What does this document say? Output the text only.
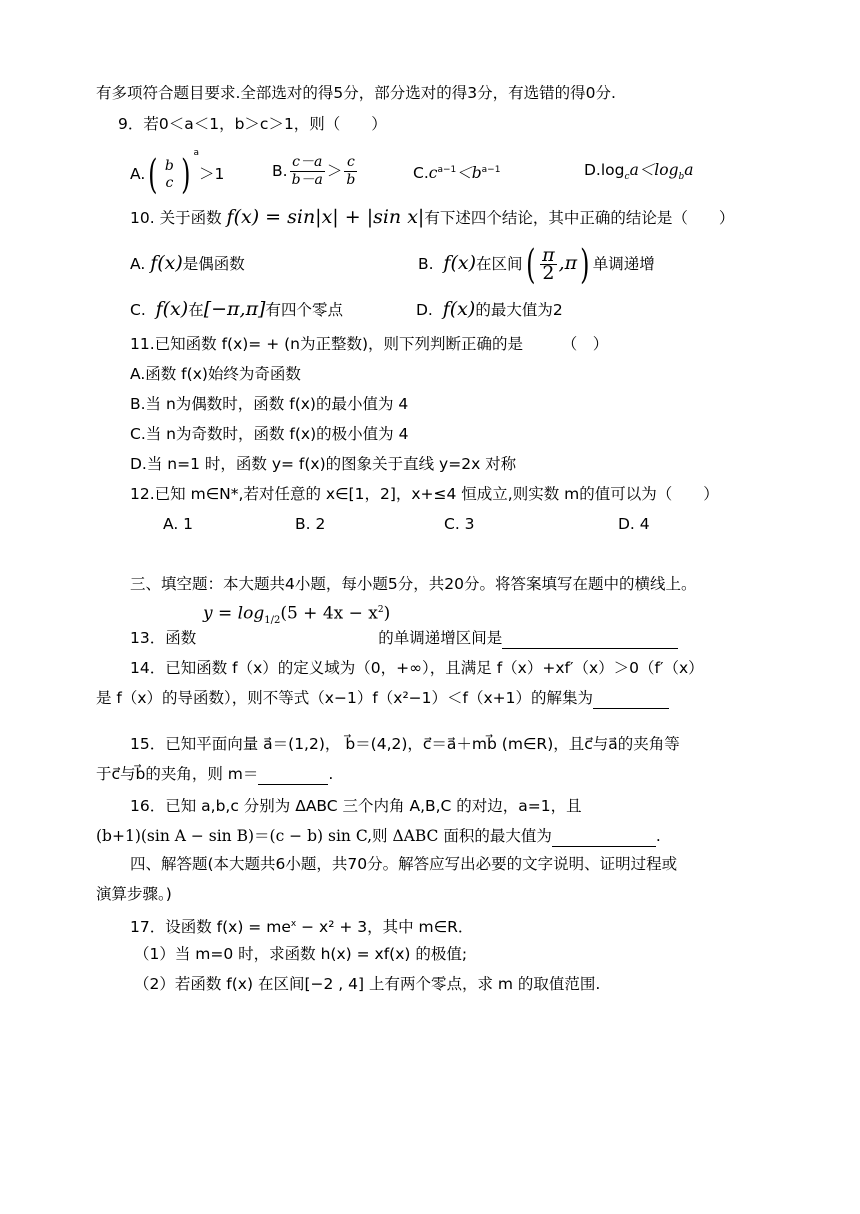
有多项符合题目要求.全部选对的得5分，部分选对的得3分，有选错的得0分.
9．若0＜a＜1，b＞c＞1，则（　　）
A.( b
c ) $^a$＞1	B. $\frac{c-a}{b-a} > \frac{c}{b}$	$C.c^{a-1}<b^{a-1}$	$D.\log_ca<\log_ba$
10. 关于函数 f(x) = sin|x| + |sin x|有下述四个结论，其中正确的结论是（　　）
A. f(x)是偶函数	B. f(x)在区间( $\frac{\pi}{2} ,\pi$) 单调递增
C. f(x)在[−π,π]有四个零点	D. f(x)的最大值为2
11.已知函数 f(x)= + (n为正整数)，则下列判断正确的是　　　（　）
A.函数 f(x)始终为奇函数
B.当 n为偶数时，函数 f(x)的最小值为 4
C.当 n为奇数时，函数 f(x)的极小值为 4
D.当 n=1 时，函数 y= f(x)的图象关于直线 y=2x 对称
12.已知 m∈N*,若对任意的 x∈[1，2]，x+≤4 恒成立,则实数 m的值可以为（　　）
A. 1	B. 2	C. 3	D. 4
三、填空题：本大题共4小题，每小题5分，共20分。将答案填写在题中的横线上。
$y = \log_{1/2}(5 + 4x - x^2)$
13．函数	的单调递增区间是
14．已知函数 f（x）的定义域为（0，+∞），且满足 f（x）+xf′（x）＞0（f′（x）
是 f（x）的导函数），则不等式（x−1）f（x²−1）＜f（x+1）的解集为
15．已知平面向量 a⃗＝(1,2)， b⃗＝(4,2)，c⃗＝a⃗＋mb⃗ (m∈R)，且c⃗与a⃗的夹角等
于c⃗与b⃗的夹角，则 m＝	.
16．已知 a,b,c 分别为 ΔABC 三个内角 A,B,C 的对边，a=1，且
(b+1)(sin A − sin B)＝(c − b) sin C,则 ΔABC 面积的最大值为	.
四、解答题(本大题共6小题，共70分。解答应写出必要的文字说明、证明过程或
演算步骤。)
17．设函数 $f(x) = me^x - x^2 + 3$，其中 m∈R．
（1）当 m=0 时，求函数 h(x) = xf(x) 的极值;
（2）若函数 f(x) 在区间[−2 , 4] 上有两个零点，求 m 的取值范围.
